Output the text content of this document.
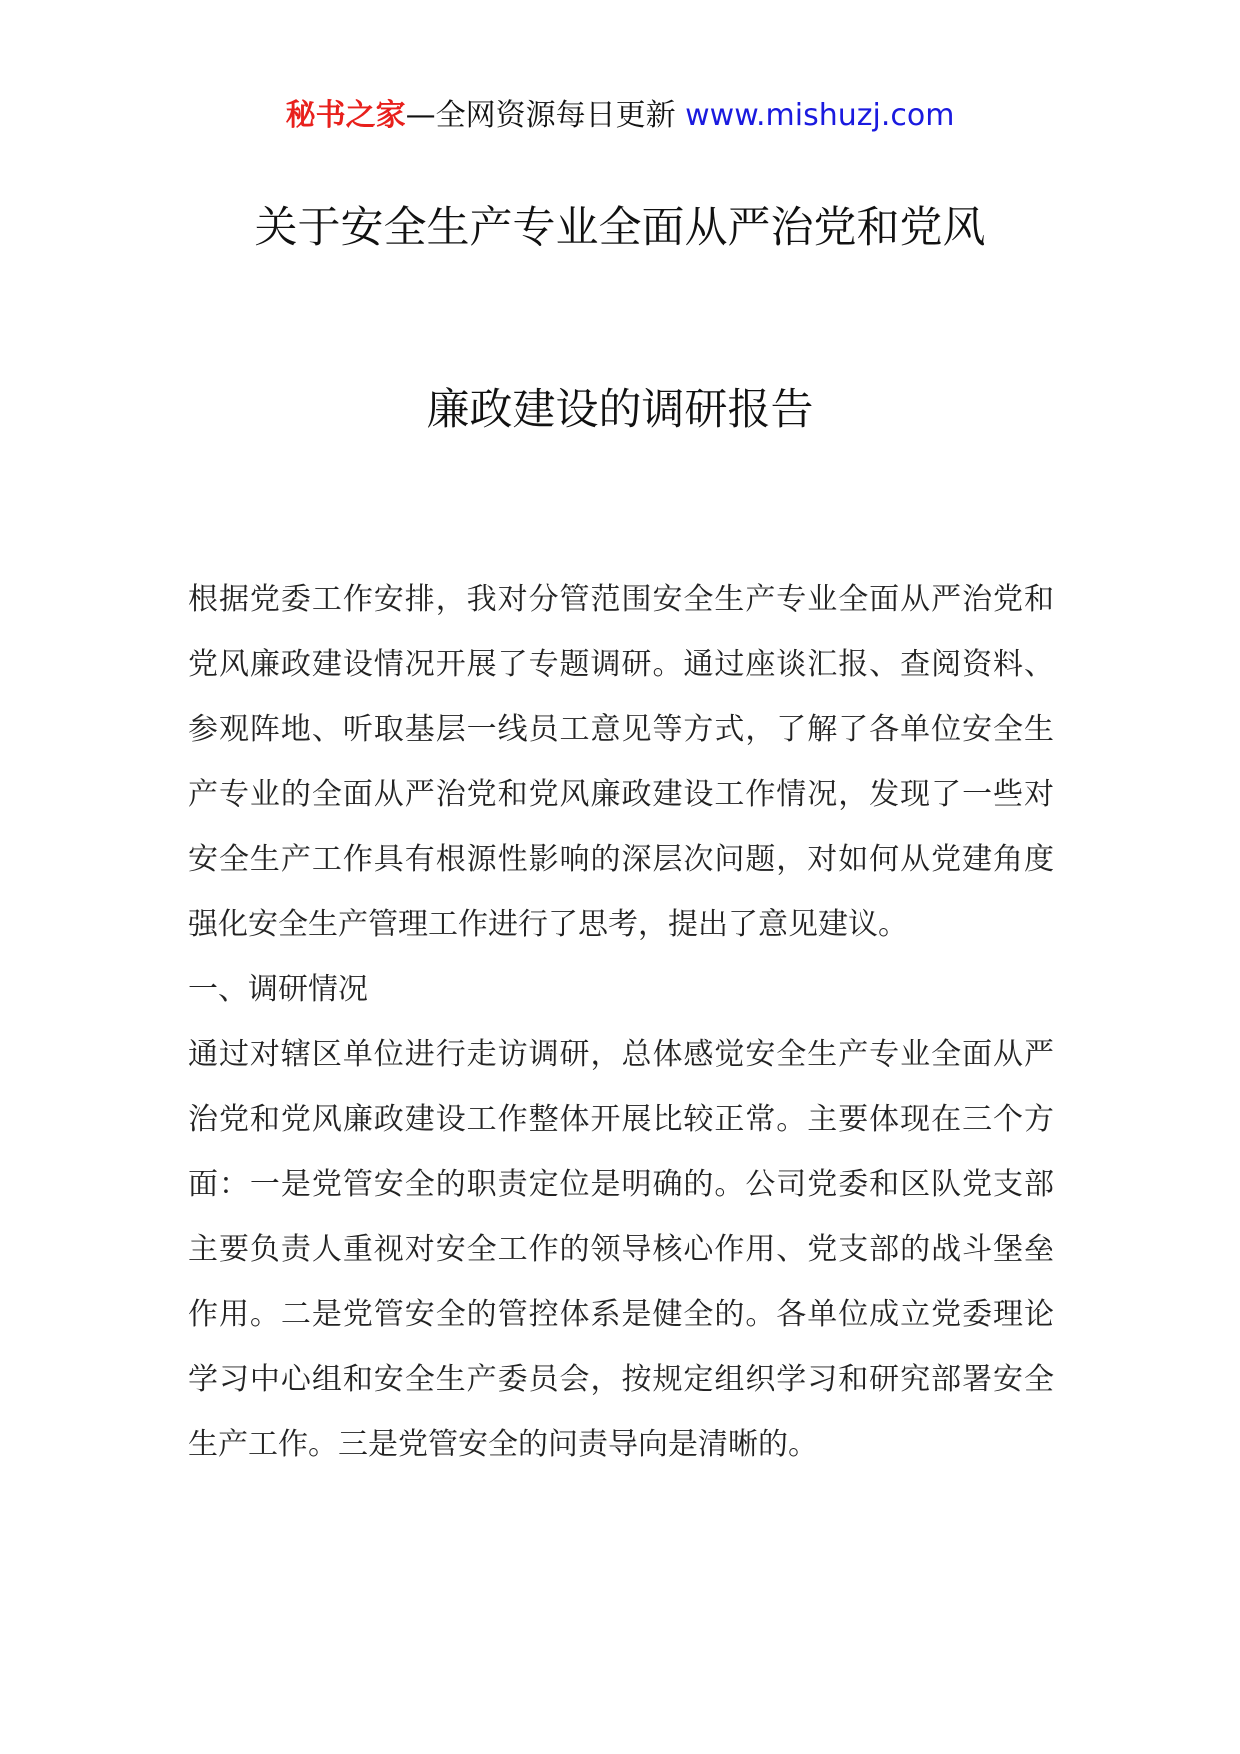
秘书之家—全网资源每日更新 www.mishuzj.com
关于安全生产专业全面从严治党和党风
廉政建设的调研报告

根据党委工作安排，我对分管范围安全生产专业全面从严治党和党风廉政建设情况开展了专题调研。通过座谈汇报、查阅资料、参观阵地、听取基层一线员工意见等方式，了解了各单位安全生产专业的全面从严治党和党风廉政建设工作情况，发现了一些对安全生产工作具有根源性影响的深层次问题，对如何从党建角度强化安全生产管理工作进行了思考，提出了意见建议。

一、调研情况

通过对辖区单位进行走访调研，总体感觉安全生产专业全面从严治党和党风廉政建设工作整体开展比较正常。主要体现在三个方面：一是党管安全的职责定位是明确的。公司党委和区队党支部主要负责人重视对安全工作的领导核心作用、党支部的战斗堡垒作用。二是党管安全的管控体系是健全的。各单位成立党委理论学习中心组和安全生产委员会，按规定组织学习和研究部署安全生产工作。三是党管安全的问责导向是清晰的。
